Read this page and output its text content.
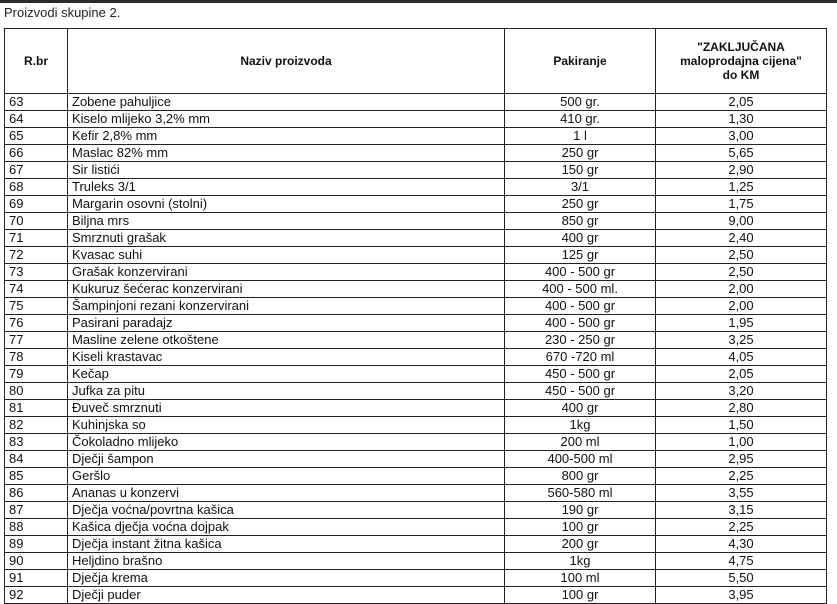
Proizvodi skupine 2.
R.br	Naziv proizvoda	Pakiranje	"ZAKLJUČANA
maloprodajna cijena"
do KM

63	Zobene pahuljice	500 gr.	2,05
64	Kiselo mlijeko 3,2% mm	410 gr.	1,30
65	Kefir 2,8% mm	1 l	3,00
66	Maslac 82% mm	250 gr	5,65
67	Sir listići	150 gr	2,90
68	Truleks 3/1	3/1	1,25
69	Margarin osovni (stolni)	250 gr	1,75
70	Biljna mrs	850 gr	9,00
71	Smrznuti grašak	400 gr	2,40
72	Kvasac suhi	125 gr	2,50
73	Grašak konzervirani	400 - 500 gr	2,50
74	Kukuruz šećerac konzervirani	400 - 500 ml.	2,00
75	Šampinjoni rezani konzervirani	400 - 500 gr	2,00
76	Pasirani paradajz	400 - 500 gr	1,95
77	Masline zelene otkoštene	230 - 250 gr	3,25
78	Kiseli krastavac	670 -720 ml	4,05
79	Kečap	450 - 500 gr	2,05
80	Jufka za pitu	450 - 500 gr	3,20
81	Đuveč smrznuti	400 gr	2,80
82	Kuhinjska so	1kg	1,50
83	Čokoladno mlijeko	200 ml	1,00
84	Dječji šampon	400-500 ml	2,95
85	Geršlo	800 gr	2,25
86	Ananas u konzervi	560-580 ml	3,55
87	Dječja voćna/povrtna kašica	190 gr	3,15
88	Kašica dječja voćna dojpak	100 gr	2,25
89	Dječja instant žitna kašica	200 gr	4,30
90	Heljdino brašno	1kg	4,75
91	Dječja krema	100 ml	5,50
92	Dječji puder	100 gr	3,95
